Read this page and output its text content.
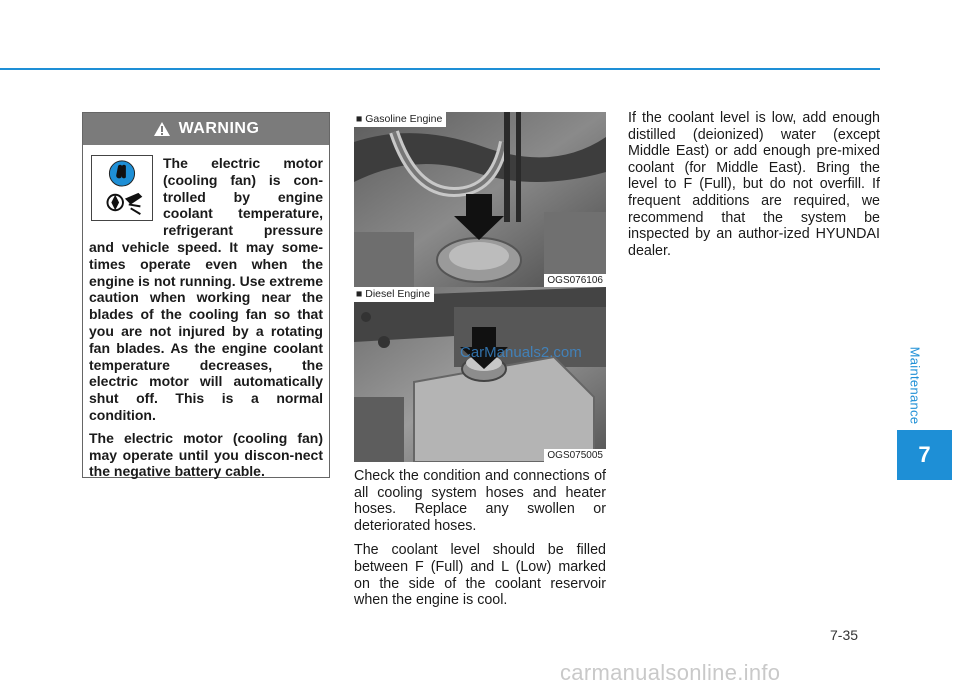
Maintenance
7
WARNING

The electric motor (cooling fan) is con-trolled by engine coolant temperature, refrigerant pressure and vehicle speed. It may some-times operate even when the engine is not running. Use extreme caution when working near the blades of the cooling fan so that you are not injured by a rotating fan blades. As the engine coolant temperature decreases, the electric motor will automatically shut off. This is a normal condition.

The electric motor (cooling fan) may operate until you discon-nect the negative battery cable.

■ Gasoline Engine
OGS076106
■ Diesel Engine
OGS075005
CarManuals2.com

Check the condition and connections of all cooling system hoses and heater hoses. Replace any swollen or deteriorated hoses.

The coolant level should be filled between F (Full) and L (Low) marked on the side of the coolant reservoir when the engine is cool.

If the coolant level is low, add enough distilled (deionized) water (except Middle East) or add enough pre-mixed coolant (for Middle East). Bring the level to F (Full), but do not overfill. If frequent additions are required, we recommend that the system be inspected by an author-ized HYUNDAI dealer.

7-35
carmanualsonline.info
